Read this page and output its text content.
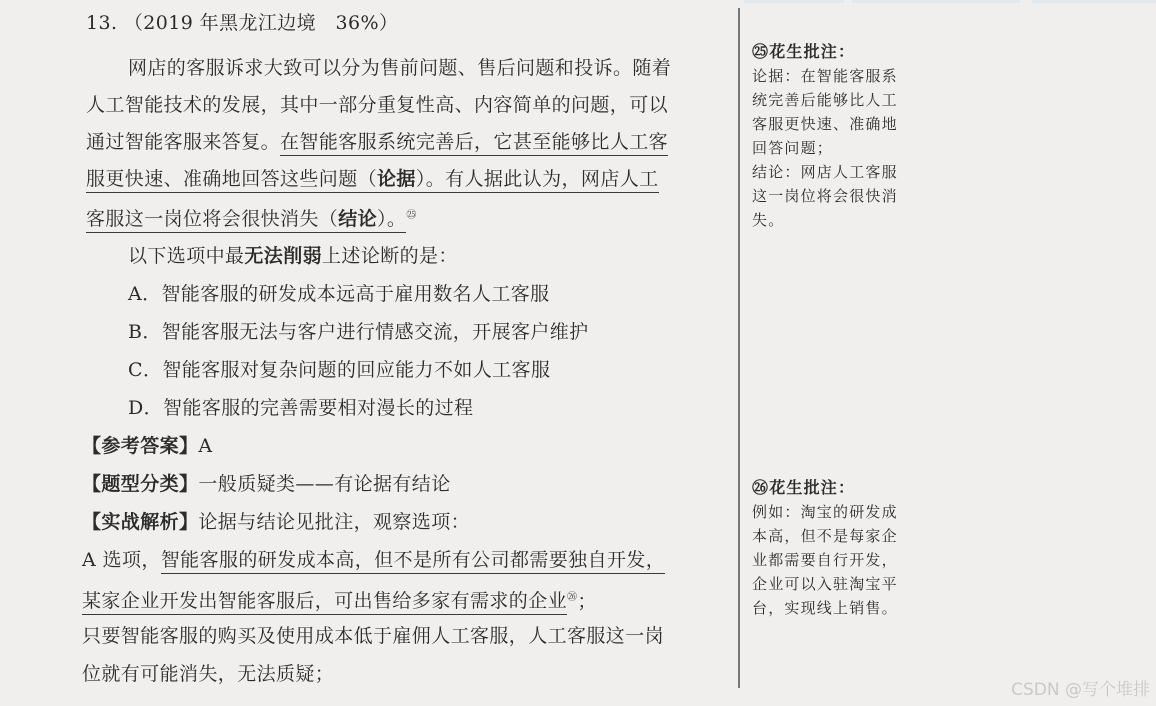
13. （2019 年黑龙江边境　36%）
网店的客服诉求大致可以分为售前问题、售后问题和投诉。随着
人工智能技术的发展，其中一部分重复性高、内容简单的问题，可以
通过智能客服来答复。在智能客服系统完善后，它甚至能够比人工客
服更快速、准确地回答这些问题（论据）。有人据此认为，网店人工
客服这一岗位将会很快消失（结论）。$^㉕$
以下选项中最无法削弱上述论断的是：
A．智能客服的研发成本远高于雇用数名人工客服
B．智能客服无法与客户进行情感交流，开展客户维护
C．智能客服对复杂问题的回应能力不如人工客服
D．智能客服的完善需要相对漫长的过程
【参考答案】A
【题型分类】一般质疑类——有论据有结论
【实战解析】论据与结论见批注，观察选项：
A 选项，智能客服的研发成本高，但不是所有公司都需要独自开发，
某家企业开发出智能客服后，可出售给多家有需求的企业$^㉖$；
只要智能客服的购买及使用成本低于雇佣人工客服，人工客服这一岗
位就有可能消失，无法质疑；
㉕花生批注：
论据：在智能客服系
统完善后能够比人工
客服更快速、准确地
回答问题；
结论：网店人工客服
这一岗位将会很快消
失。
㉖花生批注：
例如：淘宝的研发成
本高，但不是每家企
业都需要自行开发，
企业可以入驻淘宝平
台，实现线上销售。
CSDN @写个堆排
